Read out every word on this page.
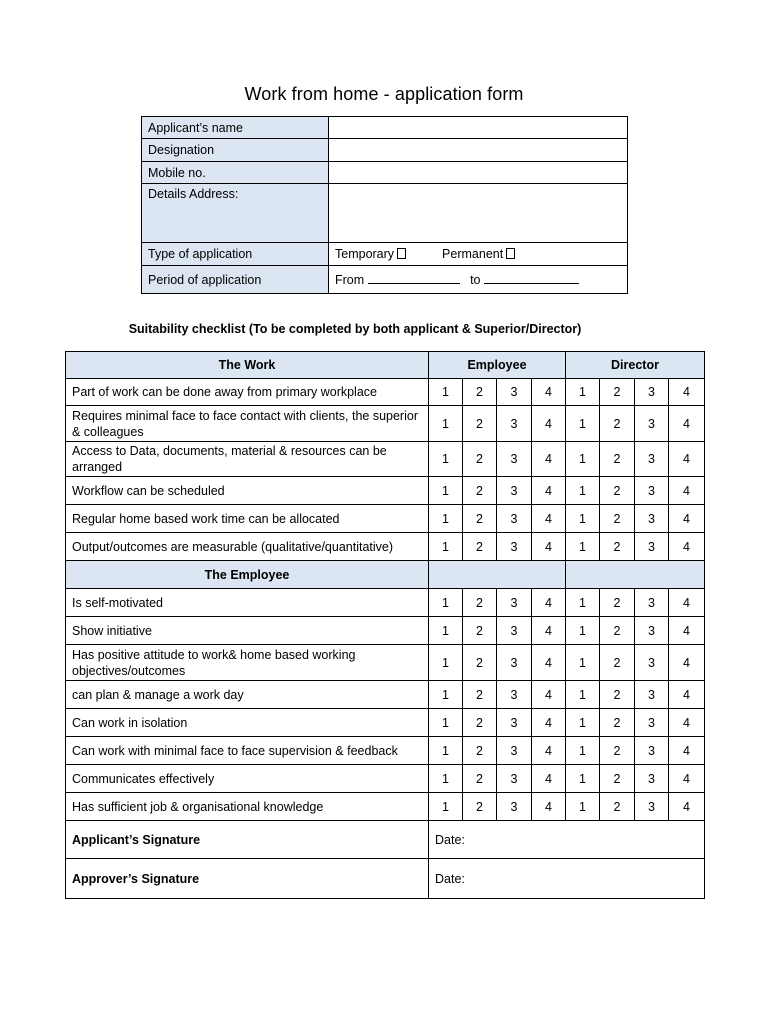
Work from home - application form
Applicant’s name	
Designation	
Mobile no.	
Details Address:	
Type of application	Temporary Permanent
Period of application	From to
Suitability checklist (To be completed by both applicant & Superior/Director)
The Work	Employee				Director			
Part of work can be done away from primary workplace	1	2	3	4	1	2	3	4
Requires minimal face to face contact with clients, the superior & colleagues	1	2	3	4	1	2	3	4
Access to Data, documents, material & resources can be arranged	1	2	3	4	1	2	3	4
Workflow can be scheduled	1	2	3	4	1	2	3	4
Regular home based work time can be allocated	1	2	3	4	1	2	3	4
Output/outcomes are measurable (qualitative/quantitative)	1	2	3	4	1	2	3	4
The Employee								
Is self-motivated	1	2	3	4	1	2	3	4
Show initiative	1	2	3	4	1	2	3	4
Has positive attitude to work& home based working objectives/outcomes	1	2	3	4	1	2	3	4
can plan & manage a work day	1	2	3	4	1	2	3	4
Can work in isolation	1	2	3	4	1	2	3	4
Can work with minimal face to face supervision & feedback	1	2	3	4	1	2	3	4
Communicates effectively	1	2	3	4	1	2	3	4
Has sufficient job & organisational knowledge	1	2	3	4	1	2	3	4
Applicant’s Signature	Date:							
Approver’s Signature	Date:							
